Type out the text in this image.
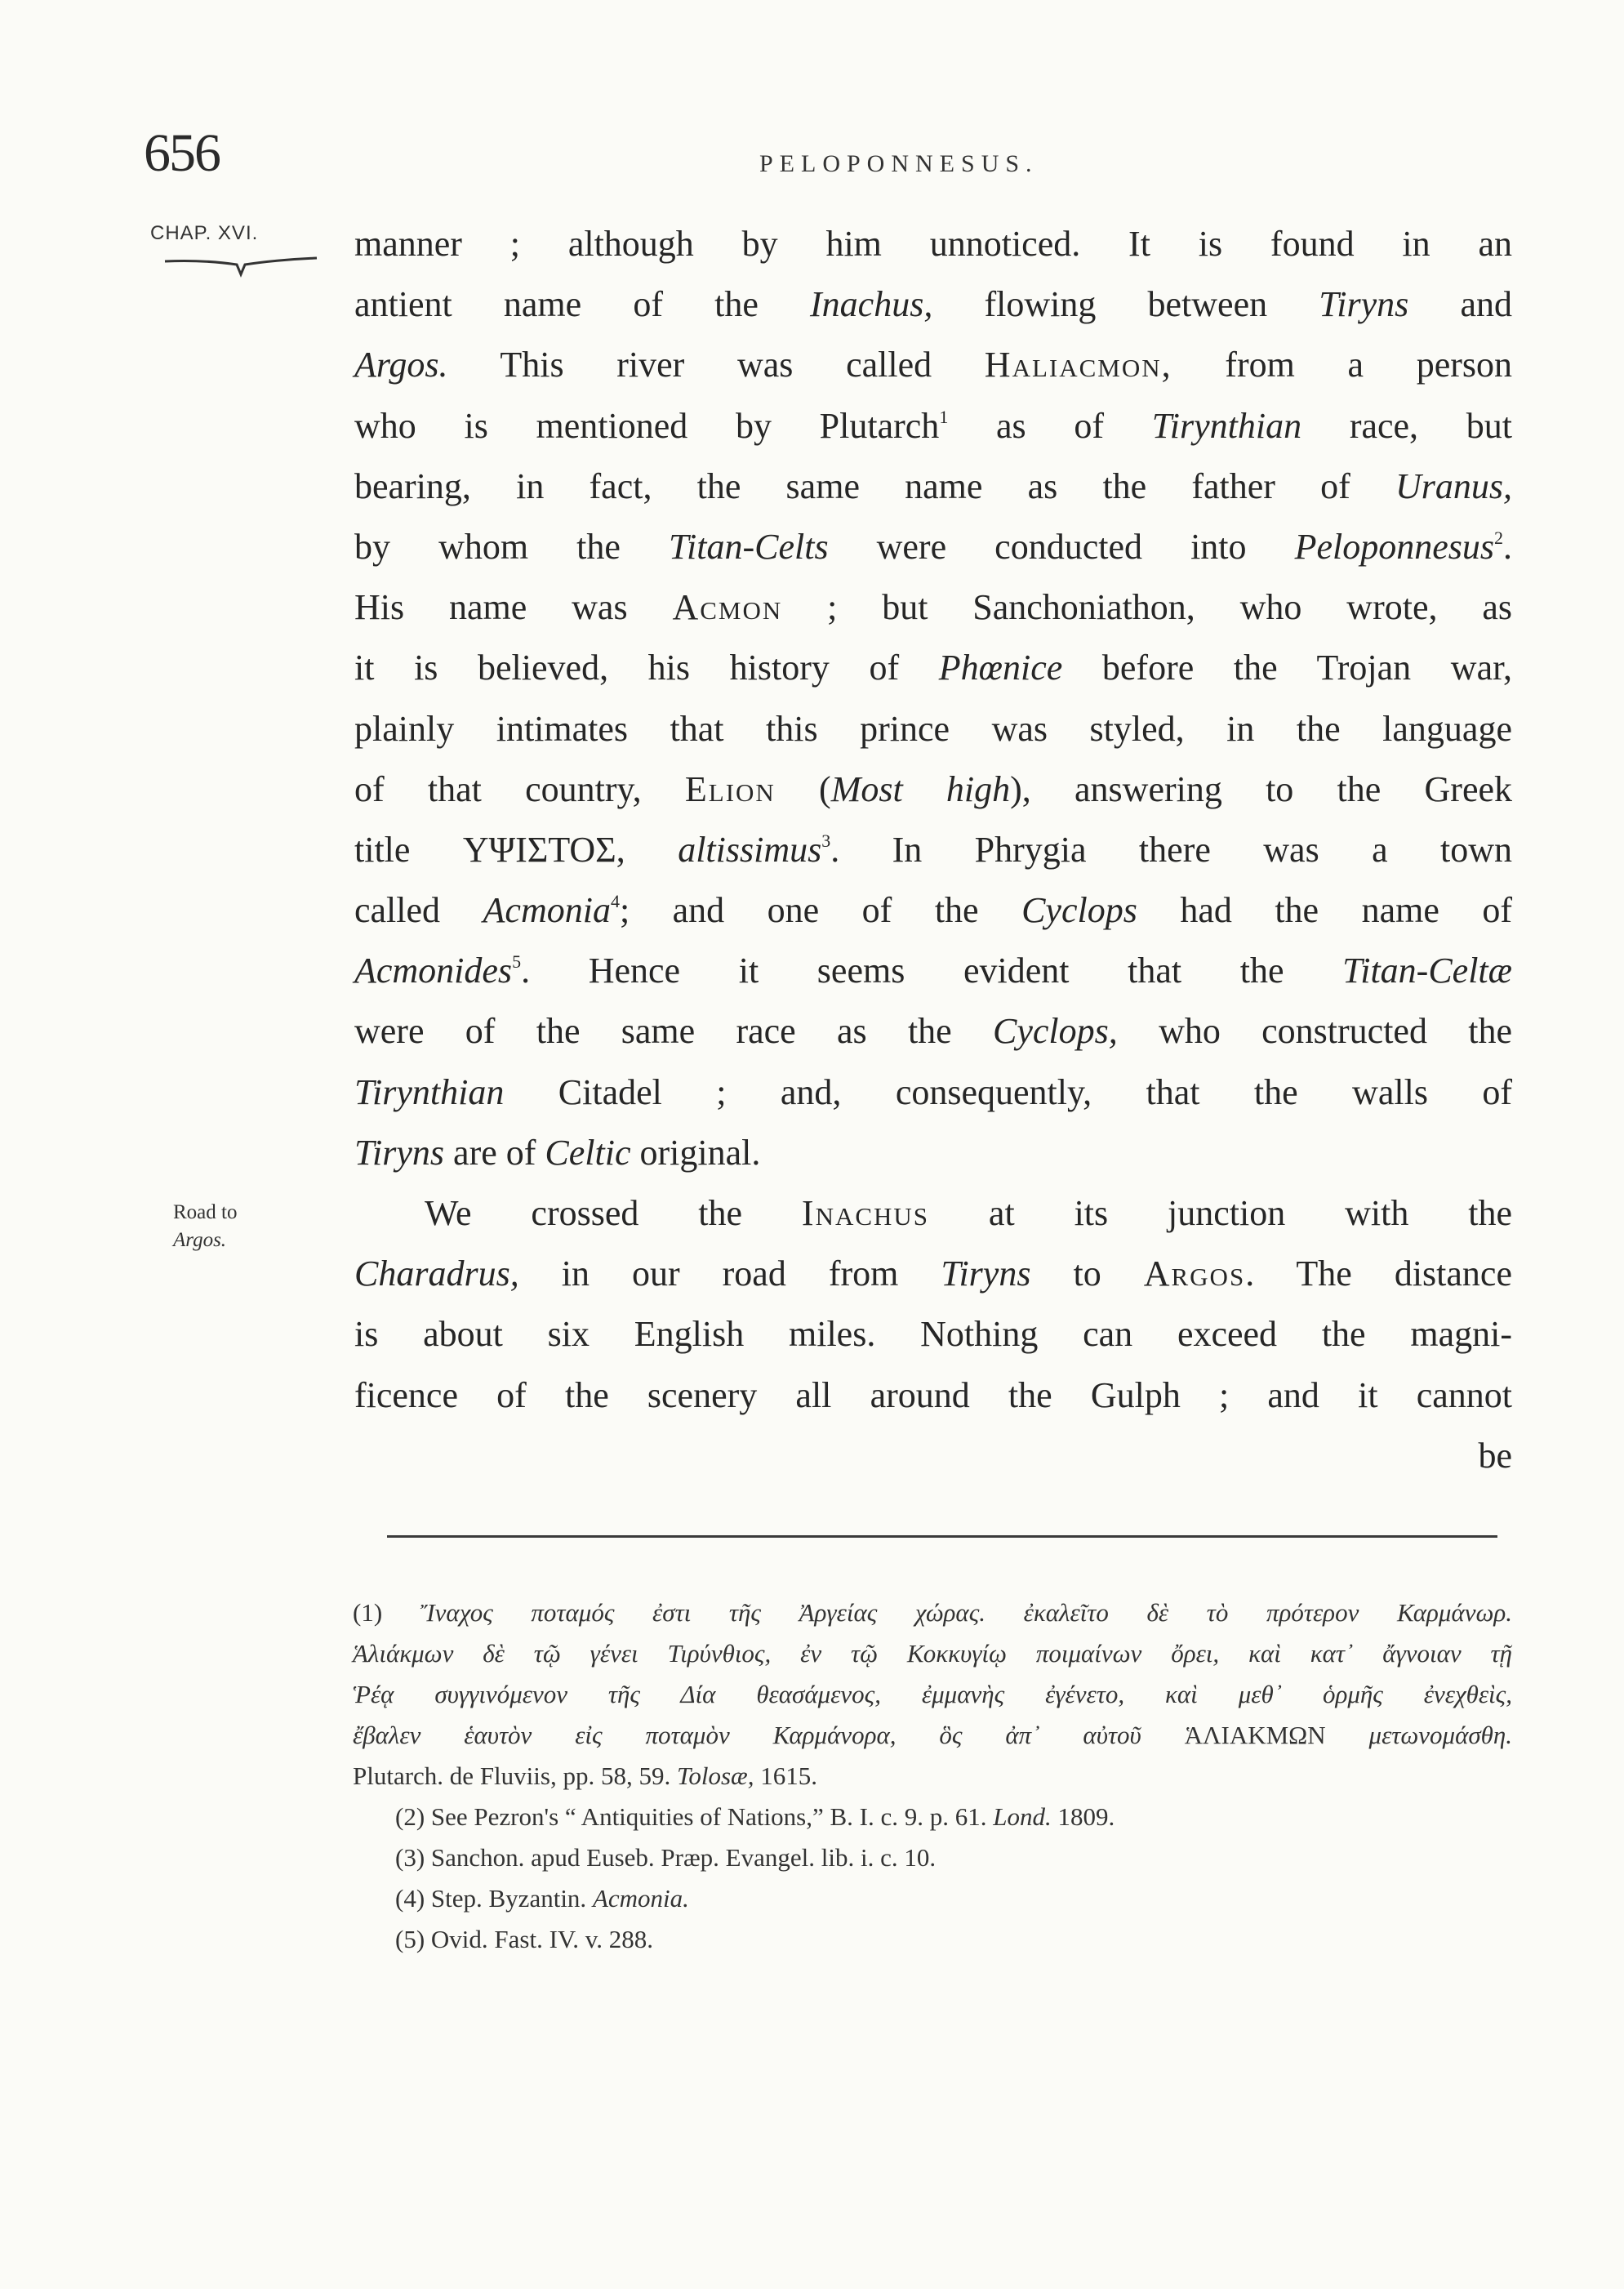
656	PELOPONNESUS.
CHAP. XVI.
Road to
Argos.
manner ; although by him unnoticed. It is found in an
antient name of the Inachus, flowing between Tiryns and
Argos. This river was called Haliacmon, from a person
who is mentioned by Plutarch$^1$ as of Tirynthian race, but
bearing, in fact, the same name as the father of Uranus,
by whom the Titan-Celts were conducted into Peloponnesus$^2$.
His name was Acmon ; but Sanchoniathon, who wrote, as
it is believed, his history of Phœnice before the Trojan war,
plainly intimates that this prince was styled, in the language
of that country, Elion (Most high), answering to the Greek
title ΥΨΙΣΤΟΣ, altissimus$^3$. In Phrygia there was a town
called Acmonia$^4$; and one of the Cyclops had the name of
Acmonides$^5$. Hence it seems evident that the Titan-Celtæ
were of the same race as the Cyclops, who constructed the
Tirynthian Citadel ; and, consequently, that the walls of
Tiryns are of Celtic original.
We crossed the Inachus at its junction with the
Charadrus, in our road from Tiryns to Argos. The distance
is about six English miles. Nothing can exceed the magni-
ficence of the scenery all around the Gulph ; and it cannot
be
(1) Ἴναχος ποταμός ἐστι τῆς Ἀργείας χώρας. ἐκαλεῖτο δὲ τὸ πρότερον Καρμάνωρ.
Ἁλιάκμων δὲ τῷ γένει Τιρύνθιος, ἐν τῷ Κοκκυγίῳ ποιμαίνων ὄρει, καὶ κατ᾽ ἄγνοιαν τῇ
Ῥέᾳ συγγινόμενον τῆς Δία θεασάμενος, ἐμμανὴς ἐγένετο, καὶ μεθ᾽ ὁρμῆς ἐνεχθεὶς,
ἔβαλεν ἑαυτὸν εἰς ποταμὸν Καρμάνορα, ὃς ἀπ᾽ αὐτοῦ ἉΛΙΑΚΜΩΝ μετωνομάσθη.
Plutarch. de Fluviis, pp. 58, 59. Tolosæ, 1615.
(2) See Pezron's “ Antiquities of Nations,” B. I. c. 9. p. 61. Lond. 1809.
(3) Sanchon. apud Euseb. Præp. Evangel. lib. i. c. 10.
(4) Step. Byzantin. Acmonia.
(5) Ovid. Fast. IV. v. 288.
